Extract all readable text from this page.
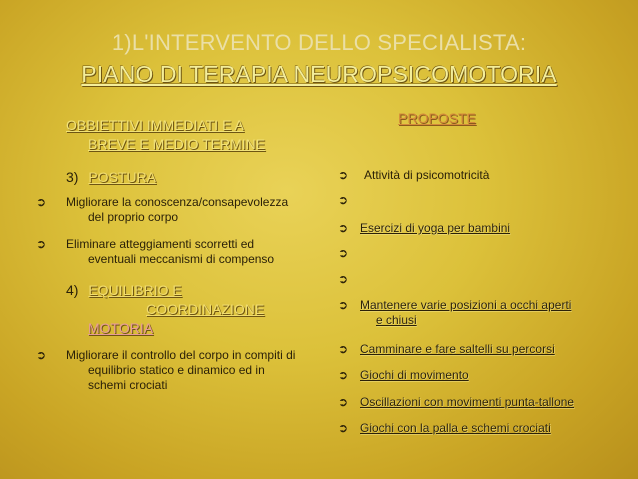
1)L'INTERVENTO DELLO SPECIALISTA:
PIANO DI TERAPIA NEUROPSICOMOTORIA
OBBIETTIVI IMMEDIATI E A
BREVE E MEDIO TERMINE
3) POSTURA
➲	Migliorare la conoscenza/consapevolezza
del proprio corpo
➲	Eliminare atteggiamenti scorretti ed
eventuali meccanismi di compenso
4) EQUILIBRIO E
COORDINAZIONE
MOTORIA
➲	Migliorare il controllo del corpo in compiti di
equilibrio statico e dinamico ed in
schemi crociati
PROPOSTE
➲	Attività di psicomotricità
➲
➲ Esercizi di yoga per bambini
➲
➲
➲ Mantenere varie posizioni a occhi aperti
e chiusi
➲ Camminare e fare saltelli su percorsi
➲ Giochi di movimento
➲ Oscillazioni con movimenti punta-tallone
➲ Giochi con la palla e schemi crociati
